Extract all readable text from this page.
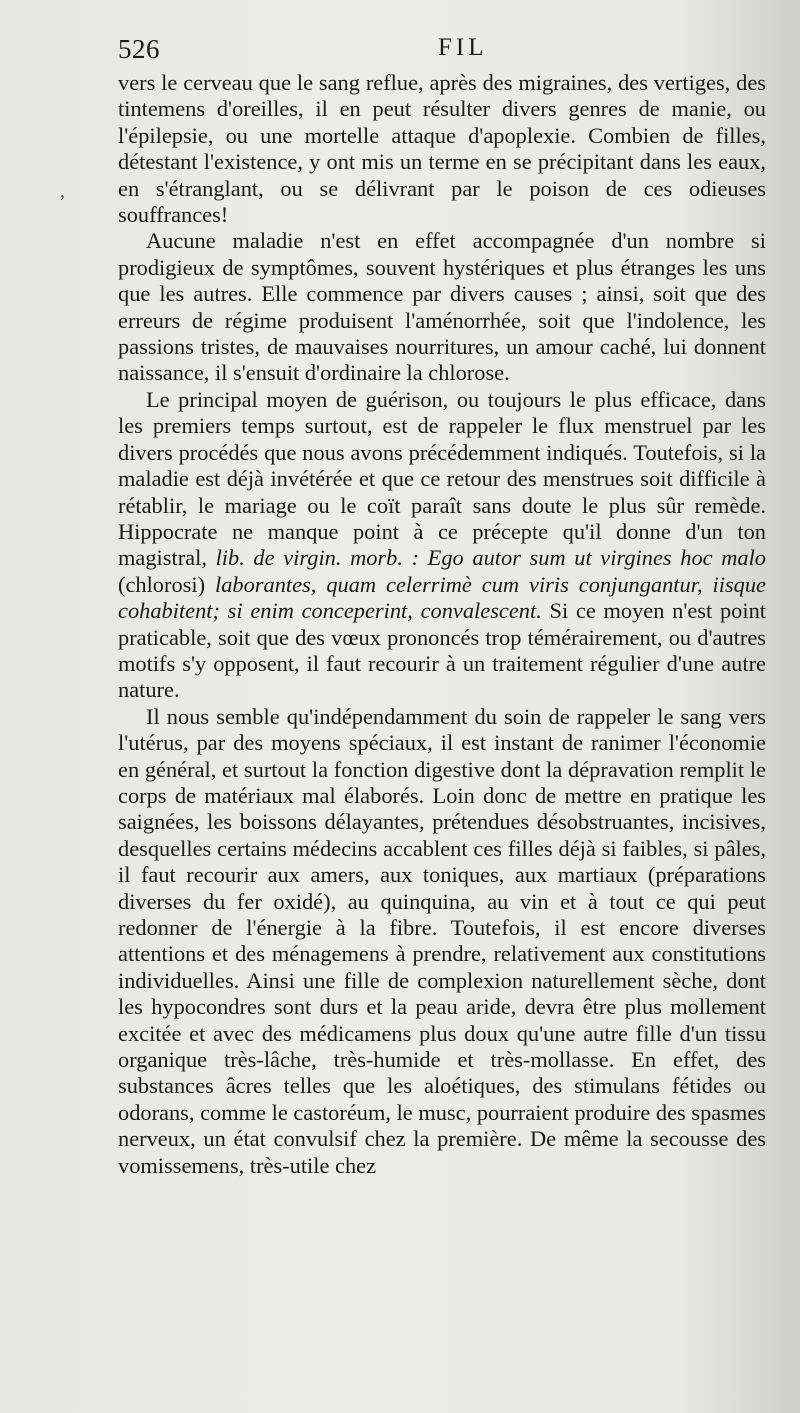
526	FIL
,

vers le cerveau que le sang reflue, après des migraines, des vertiges, des tintemens d'oreilles, il en peut résulter divers genres de manie, ou l'épilepsie, ou une mortelle attaque d'apoplexie. Combien de filles, détestant l'existence, y ont mis un terme en se précipitant dans les eaux, en s'étranglant, ou se délivrant par le poison de ces odieuses souffrances!

Aucune maladie n'est en effet accompagnée d'un nombre si prodigieux de symptômes, souvent hystériques et plus étranges les uns que les autres. Elle commence par divers causes ; ainsi, soit que des erreurs de régime produisent l'aménorrhée, soit que l'indolence, les passions tristes, de mauvaises nourritures, un amour caché, lui donnent naissance, il s'ensuit d'ordinaire la chlorose.

Le principal moyen de guérison, ou toujours le plus efficace, dans les premiers temps surtout, est de rappeler le flux menstruel par les divers procédés que nous avons précédemment indiqués. Toutefois, si la maladie est déjà invétérée et que ce retour des menstrues soit difficile à rétablir, le mariage ou le coït paraît sans doute le plus sûr remède. Hippocrate ne manque point à ce précepte qu'il donne d'un ton magistral, lib. de virgin. morb. : Ego autor sum ut virgines hoc malo (chlorosi) laborantes, quam celerrimè cum viris conjungantur, iisque cohabitent; si enim conceperint, convalescent. Si ce moyen n'est point praticable, soit que des vœux prononcés trop témérairement, ou d'autres motifs s'y opposent, il faut recourir à un traitement régulier d'une autre nature.

Il nous semble qu'indépendamment du soin de rappeler le sang vers l'utérus, par des moyens spéciaux, il est instant de ranimer l'économie en général, et surtout la fonction digestive dont la dépravation remplit le corps de matériaux mal élaborés. Loin donc de mettre en pratique les saignées, les boissons délayantes, prétendues désobstruantes, incisives, desquelles certains médecins accablent ces filles déjà si faibles, si pâles, il faut recourir aux amers, aux toniques, aux martiaux (préparations diverses du fer oxidé), au quinquina, au vin et à tout ce qui peut redonner de l'énergie à la fibre. Toutefois, il est encore diverses attentions et des ménagemens à prendre, relativement aux constitutions individuelles. Ainsi une fille de complexion naturellement sèche, dont les hypocondres sont durs et la peau aride, devra être plus mollement excitée et avec des médicamens plus doux qu'une autre fille d'un tissu organique très-lâche, très-humide et très-mollasse. En effet, des substances âcres telles que les aloétiques, des stimulans fétides ou odorans, comme le castoréum, le musc, pourraient produire des spasmes nerveux, un état convulsif chez la première. De même la secousse des vomissemens, très-utile chez
